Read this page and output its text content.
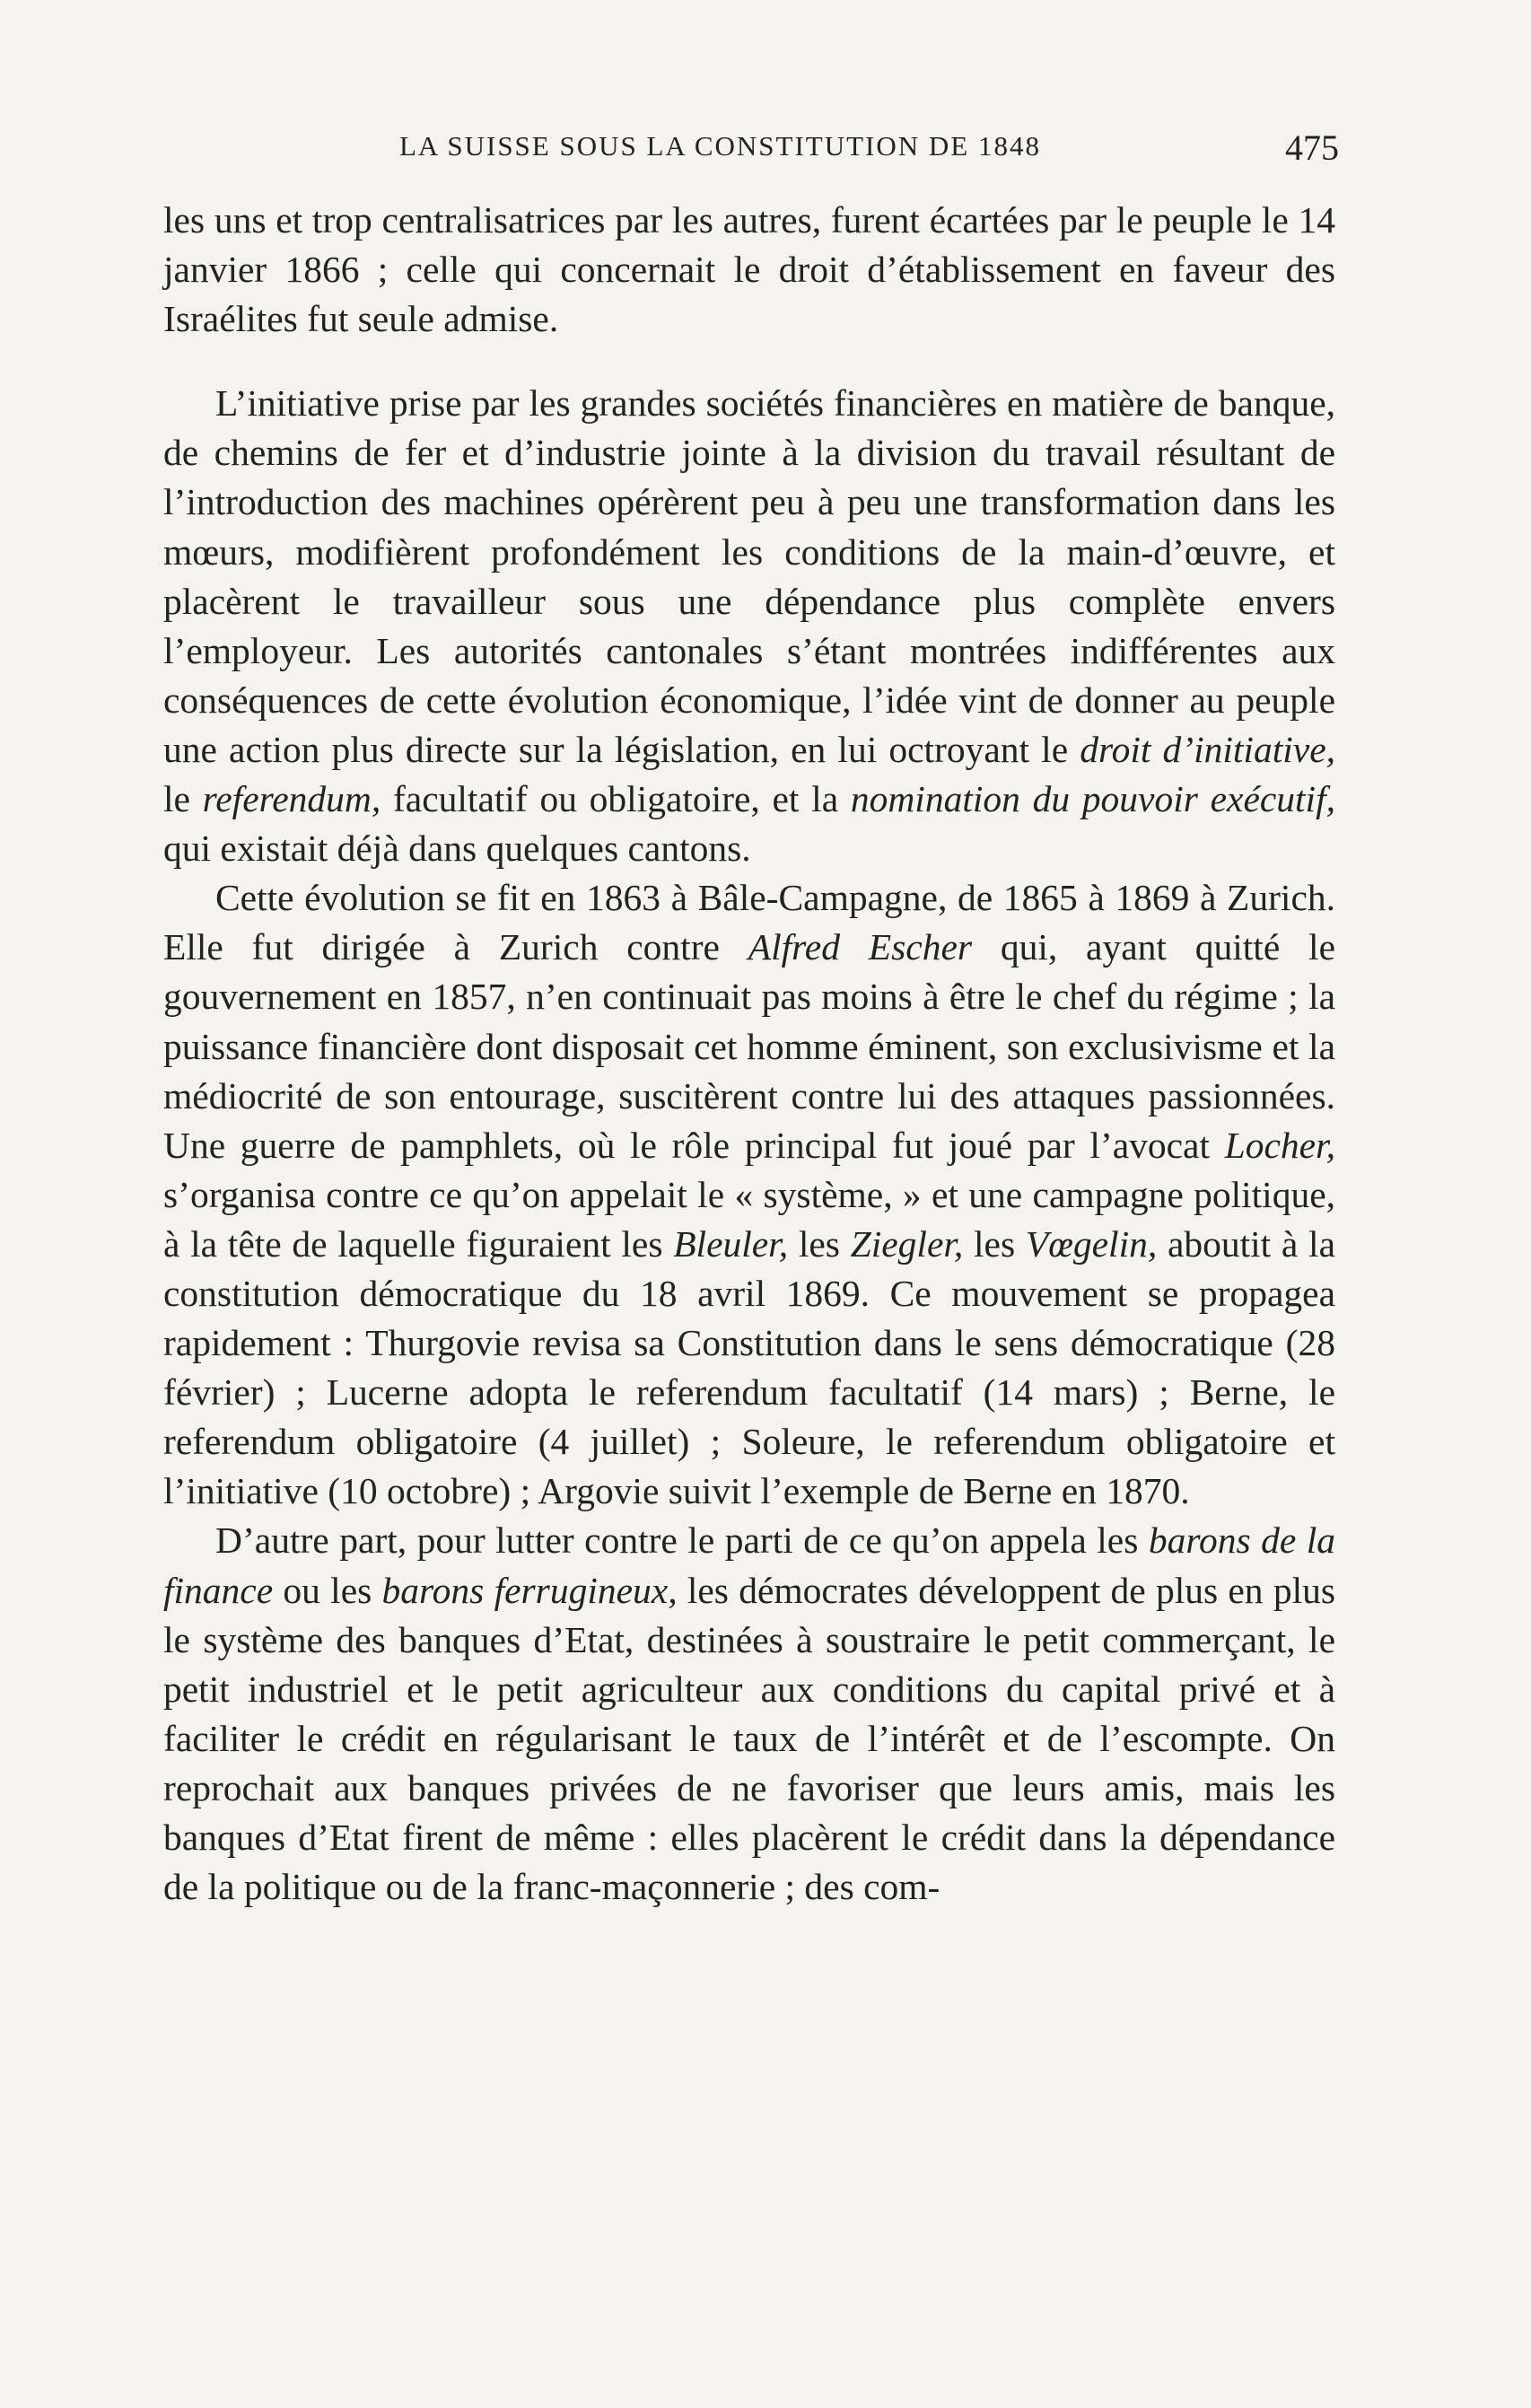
LA SUISSE SOUS LA CONSTITUTION DE 1848	475

les uns et trop centralisatrices par les autres, furent écartées par le peuple le 14 janvier 1866 ; celle qui concernait le droit d’établissement en faveur des Israélites fut seule admise.

L’initiative prise par les grandes sociétés financières en matière de banque, de chemins de fer et d’industrie jointe à la division du travail résultant de l’introduction des machines opérèrent peu à peu une transformation dans les mœurs, modifièrent profondément les conditions de la main-d’œuvre, et placèrent le travailleur sous une dépendance plus complète envers l’employeur. Les autorités cantonales s’étant montrées indifférentes aux conséquences de cette évolution économique, l’idée vint de donner au peuple une action plus directe sur la législation, en lui octroyant le droit d’initiative, le referendum, facultatif ou obligatoire, et la nomination du pouvoir exécutif, qui existait déjà dans quelques cantons.

Cette évolution se fit en 1863 à Bâle-Campagne, de 1865 à 1869 à Zurich. Elle fut dirigée à Zurich contre Alfred Escher qui, ayant quitté le gouvernement en 1857, n’en continuait pas moins à être le chef du régime ; la puissance financière dont disposait cet homme éminent, son exclusivisme et la médiocrité de son entourage, suscitèrent contre lui des attaques passionnées. Une guerre de pamphlets, où le rôle principal fut joué par l’avocat Locher, s’organisa contre ce qu’on appelait le « système, » et une campagne politique, à la tête de laquelle figuraient les Bleuler, les Ziegler, les Vœgelin, aboutit à la constitution démocratique du 18 avril 1869. Ce mouvement se propagea rapidement : Thurgovie revisa sa Constitution dans le sens démocratique (28 février) ; Lucerne adopta le referendum facultatif (14 mars) ; Berne, le referendum obligatoire (4 juillet) ; Soleure, le referendum obligatoire et l’initiative (10 octobre) ; Argovie suivit l’exemple de Berne en 1870.

D’autre part, pour lutter contre le parti de ce qu’on appela les barons de la finance ou les barons ferrugineux, les démocrates développent de plus en plus le système des banques d’Etat, destinées à soustraire le petit commerçant, le petit industriel et le petit agriculteur aux conditions du capital privé et à faciliter le crédit en régularisant le taux de l’intérêt et de l’escompte. On reprochait aux banques privées de ne favoriser que leurs amis, mais les banques d’Etat firent de même : elles placèrent le crédit dans la dépendance de la politique ou de la franc-maçonnerie ; des com-
